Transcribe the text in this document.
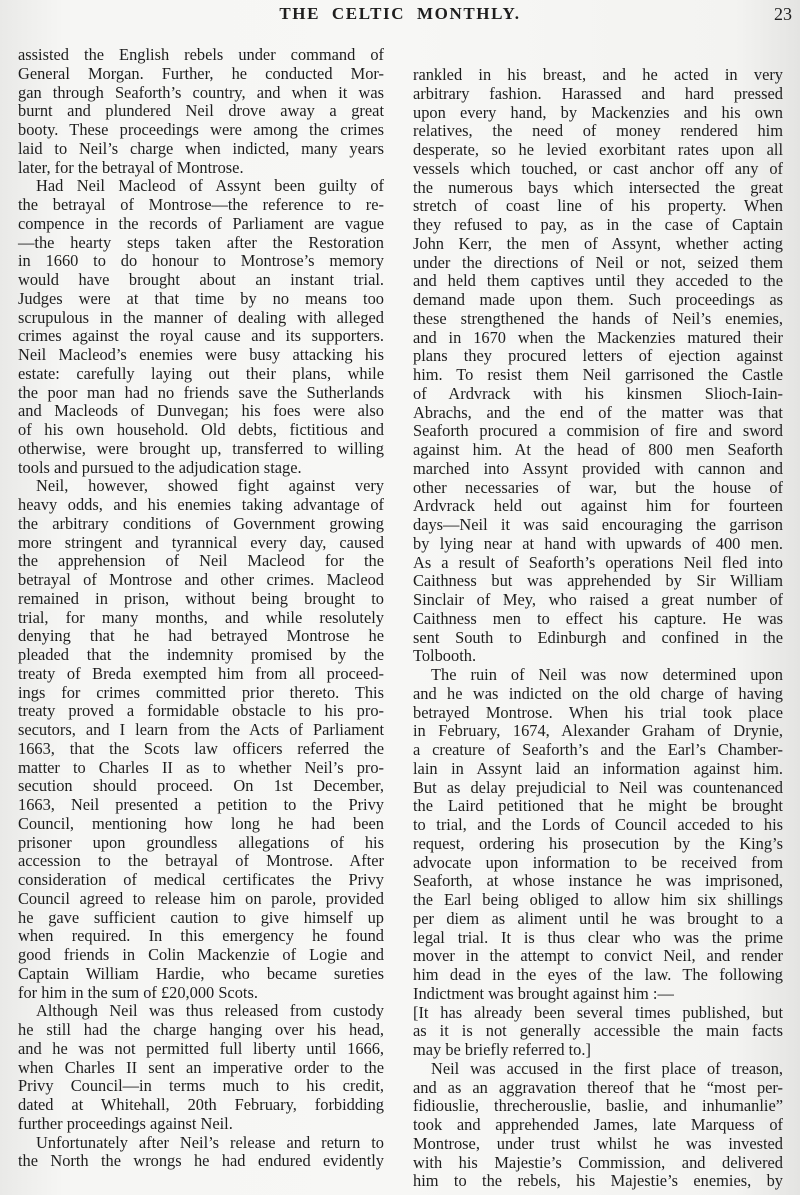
THE CELTIC MONTHLY.	23
assisted the English rebels under command of
General Morgan. Further, he conducted Mor-
gan through Seaforth’s country, and when it was
burnt and plundered Neil drove away a great
booty. These proceedings were among the crimes
laid to Neil’s charge when indicted, many years
later, for the betrayal of Montrose.
Had Neil Macleod of Assynt been guilty of
the betrayal of Montrose—the reference to re-
compence in the records of Parliament are vague
—the hearty steps taken after the Restoration
in 1660 to do honour to Montrose’s memory
would have brought about an instant trial.
Judges were at that time by no means too
scrupulous in the manner of dealing with alleged
crimes against the royal cause and its supporters.
Neil Macleod’s enemies were busy attacking his
estate: carefully laying out their plans, while
the poor man had no friends save the Sutherlands
and Macleods of Dunvegan; his foes were also
of his own household. Old debts, fictitious and
otherwise, were brought up, transferred to willing
tools and pursued to the adjudication stage.
Neil, however, showed fight against very
heavy odds, and his enemies taking advantage of
the arbitrary conditions of Government growing
more stringent and tyrannical every day, caused
the apprehension of Neil Macleod for the
betrayal of Montrose and other crimes. Macleod
remained in prison, without being brought to
trial, for many months, and while resolutely
denying that he had betrayed Montrose he
pleaded that the indemnity promised by the
treaty of Breda exempted him from all proceed-
ings for crimes committed prior thereto. This
treaty proved a formidable obstacle to his pro-
secutors, and I learn from the Acts of Parliament
1663, that the Scots law officers referred the
matter to Charles II as to whether Neil’s pro-
secution should proceed. On 1st December,
1663, Neil presented a petition to the Privy
Council, mentioning how long he had been
prisoner upon groundless allegations of his
accession to the betrayal of Montrose. After
consideration of medical certificates the Privy
Council agreed to release him on parole, provided
he gave sufficient caution to give himself up
when required. In this emergency he found
good friends in Colin Mackenzie of Logie and
Captain William Hardie, who became sureties
for him in the sum of £20,000 Scots.
Although Neil was thus released from custody
he still had the charge hanging over his head,
and he was not permitted full liberty until 1666,
when Charles II sent an imperative order to the
Privy Council—in terms much to his credit,
dated at Whitehall, 20th February, forbidding
further proceedings against Neil.
Unfortunately after Neil’s release and return to
the North the wrongs he had endured evidently
rankled in his breast, and he acted in very
arbitrary fashion. Harassed and hard pressed
upon every hand, by Mackenzies and his own
relatives, the need of money rendered him
desperate, so he levied exorbitant rates upon all
vessels which touched, or cast anchor off any of
the numerous bays which intersected the great
stretch of coast line of his property. When
they refused to pay, as in the case of Captain
John Kerr, the men of Assynt, whether acting
under the directions of Neil or not, seized them
and held them captives until they acceded to the
demand made upon them. Such proceedings as
these strengthened the hands of Neil’s enemies,
and in 1670 when the Mackenzies matured their
plans they procured letters of ejection against
him. To resist them Neil garrisoned the Castle
of Ardvrack with his kinsmen Slioch-Iain-
Abrachs, and the end of the matter was that
Seaforth procured a commision of fire and sword
against him. At the head of 800 men Seaforth
marched into Assynt provided with cannon and
other necessaries of war, but the house of
Ardvrack held out against him for fourteen
days—Neil it was said encouraging the garrison
by lying near at hand with upwards of 400 men.
As a result of Seaforth’s operations Neil fled into
Caithness but was apprehended by Sir William
Sinclair of Mey, who raised a great number of
Caithness men to effect his capture. He was
sent South to Edinburgh and confined in the
Tolbooth.
The ruin of Neil was now determined upon
and he was indicted on the old charge of having
betrayed Montrose. When his trial took place
in February, 1674, Alexander Graham of Drynie,
a creature of Seaforth’s and the Earl’s Chamber-
lain in Assynt laid an information against him.
But as delay prejudicial to Neil was countenanced
the Laird petitioned that he might be brought
to trial, and the Lords of Council acceded to his
request, ordering his prosecution by the King’s
advocate upon information to be received from
Seaforth, at whose instance he was imprisoned,
the Earl being obliged to allow him six shillings
per diem as aliment until he was brought to a
legal trial. It is thus clear who was the prime
mover in the attempt to convict Neil, and render
him dead in the eyes of the law. The following
Indictment was brought against him :—
[It has already been several times published, but
as it is not generally accessible the main facts
may be briefly referred to.]
Neil was accused in the first place of treason,
and as an aggravation thereof that he “most per-
fidiouslie, threcherouslie, baslie, and inhumanlie”
took and apprehended James, late Marquess of
Montrose, under trust whilst he was invested
with his Majestie’s Commission, and delivered
him to the rebels, his Majestie’s enemies, by
